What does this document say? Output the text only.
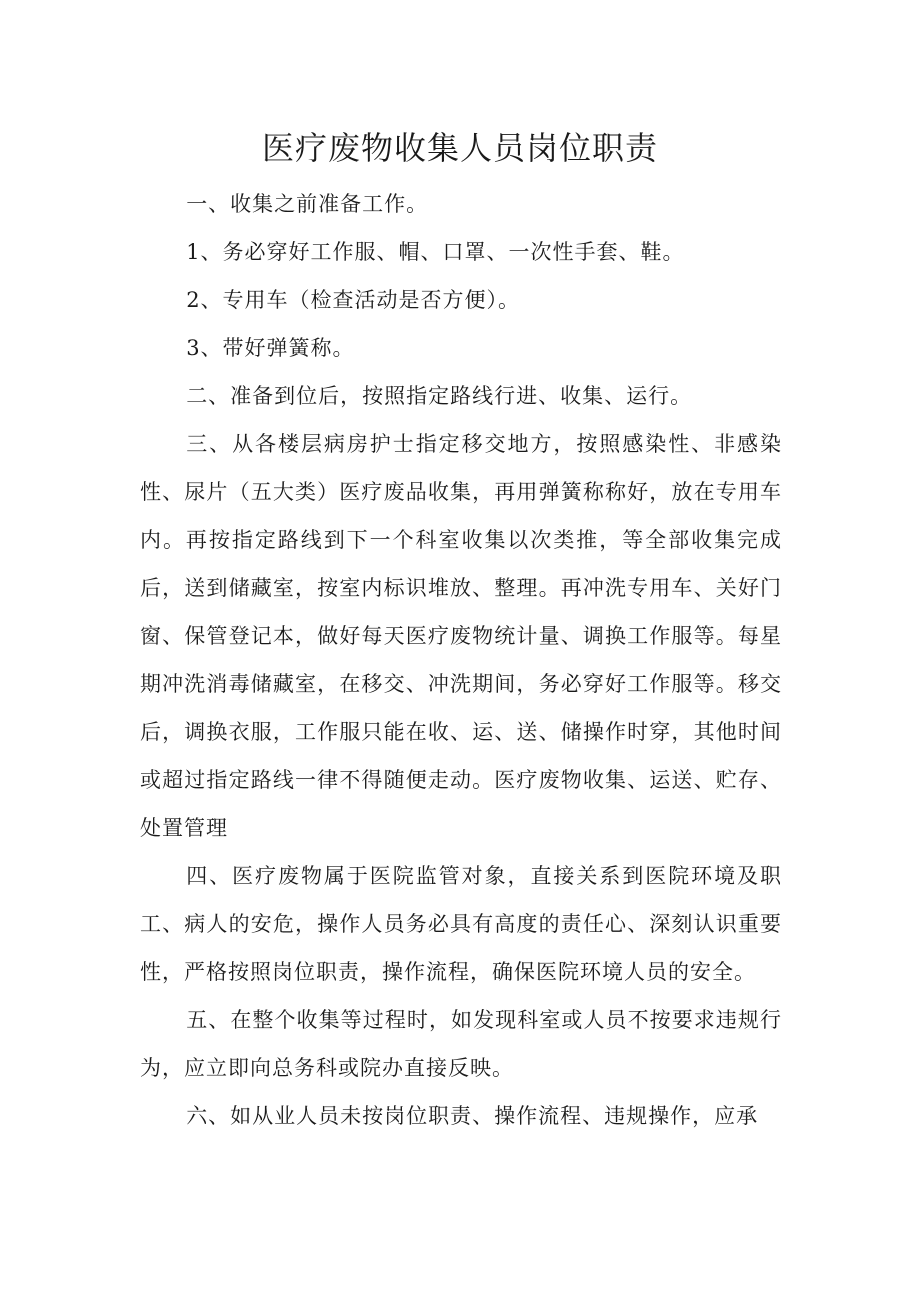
医疗废物收集人员岗位职责

一、收集之前准备工作。

1、务必穿好工作服、帽、口罩、一次性手套、鞋。

2、专用车（检查活动是否方便）。

3、带好弹簧称。

二、准备到位后，按照指定路线行进、收集、运行。

三、从各楼层病房护士指定移交地方，按照感染性、非感染性、尿片（五大类）医疗废品收集，再用弹簧称称好，放在专用车内。再按指定路线到下一个科室收集以次类推，等全部收集完成后，送到储藏室，按室内标识堆放、整理。再冲洗专用车、关好门窗、保管登记本，做好每天医疗废物统计量、调换工作服等。每星期冲洗消毒储藏室，在移交、冲洗期间，务必穿好工作服等。移交后，调换衣服，工作服只能在收、运、送、储操作时穿，其他时间或超过指定路线一律不得随便走动。医疗废物收集、运送、贮存、处置管理

四、医疗废物属于医院监管对象，直接关系到医院环境及职工、病人的安危，操作人员务必具有高度的责任心、深刻认识重要性，严格按照岗位职责，操作流程，确保医院环境人员的安全。

五、在整个收集等过程时，如发现科室或人员不按要求违规行为，应立即向总务科或院办直接反映。

六、如从业人员未按岗位职责、操作流程、违规操作，应承
